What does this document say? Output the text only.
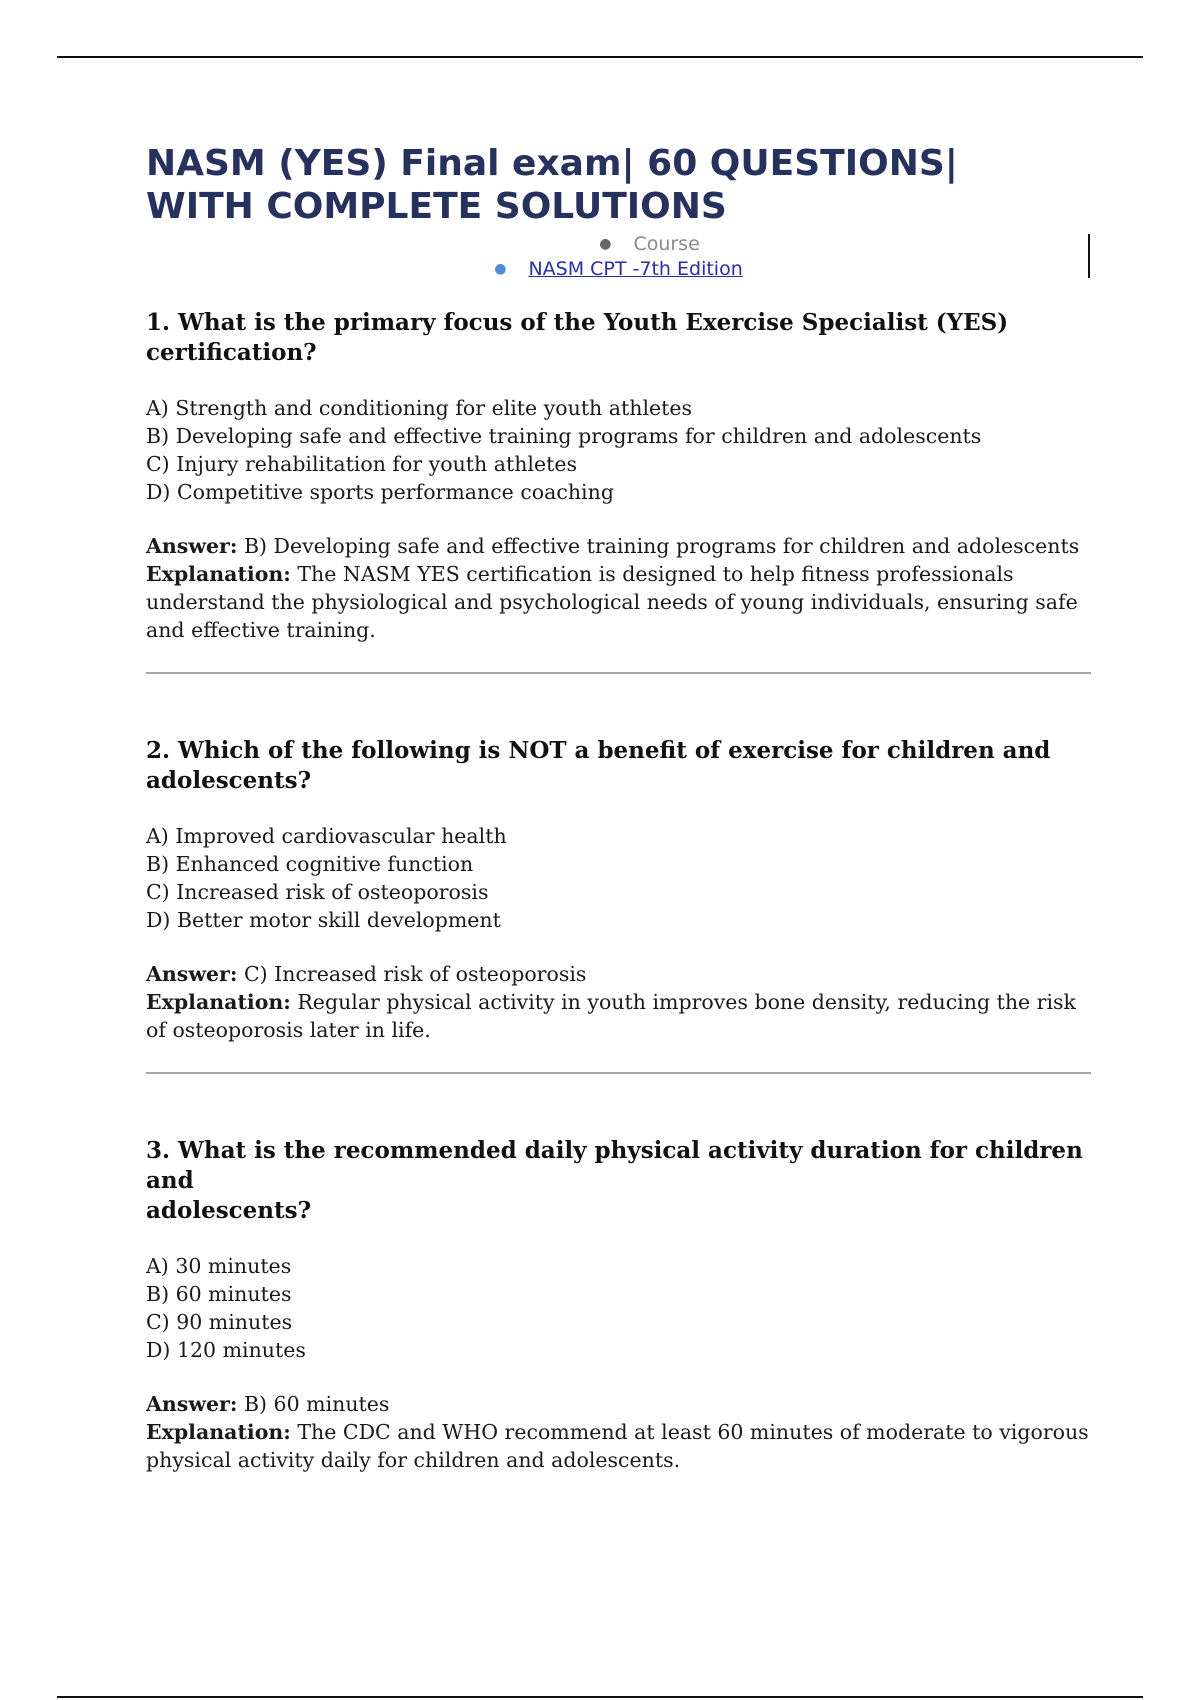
NASM (YES) Final exam| 60 QUESTIONS|
WITH COMPLETE SOLUTIONS
● Course
● NASM CPT -7th Edition
1. What is the primary focus of the Youth Exercise Specialist (YES)
certification?
A) Strength and conditioning for elite youth athletes
B) Developing safe and effective training programs for children and adolescents
C) Injury rehabilitation for youth athletes
D) Competitive sports performance coaching

Answer: B) Developing safe and effective training programs for children and adolescents

Explanation: The NASM YES certification is designed to help fitness professionals understand the physiological and psychological needs of young individuals, ensuring safe and effective training.

2. Which of the following is NOT a benefit of exercise for children and
adolescents?
A) Improved cardiovascular health
B) Enhanced cognitive function
C) Increased risk of osteoporosis
D) Better motor skill development

Answer: C) Increased risk of osteoporosis

Explanation: Regular physical activity in youth improves bone density, reducing the risk of osteoporosis later in life.

3. What is the recommended daily physical activity duration for children and
adolescents?
A) 30 minutes
B) 60 minutes
C) 90 minutes
D) 120 minutes

Answer: B) 60 minutes

Explanation: The CDC and WHO recommend at least 60 minutes of moderate to vigorous physical activity daily for children and adolescents.
